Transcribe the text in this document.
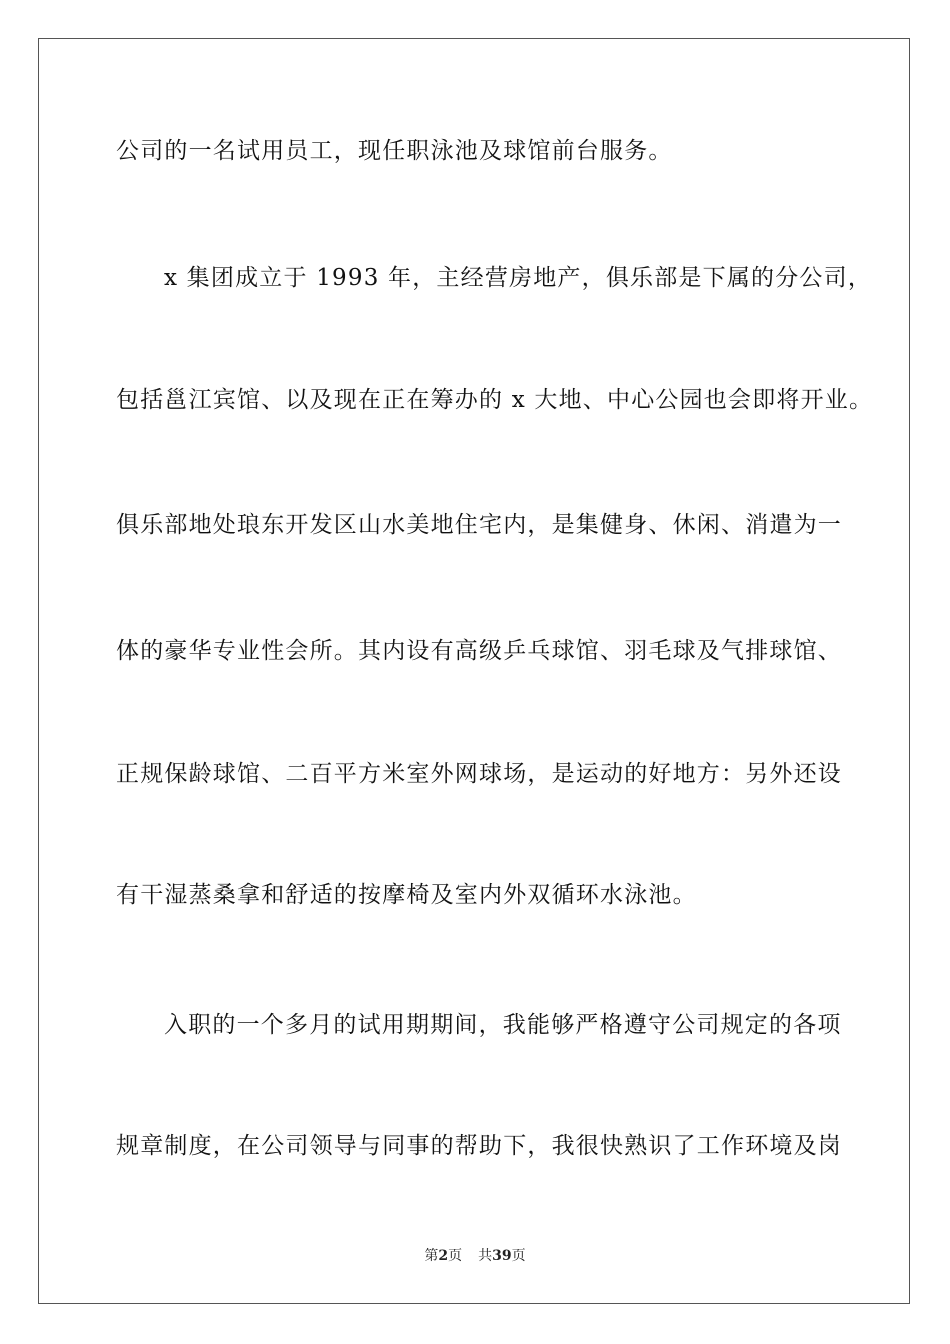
公司的一名试用员工，现任职泳池及球馆前台服务。
x 集团成立于 1993 年，主经营房地产，俱乐部是下属的分公司，
包括邕江宾馆、以及现在正在筹办的 x 大地、中心公园也会即将开业。
俱乐部地处琅东开发区山水美地住宅内，是集健身、休闲、消遣为一
体的豪华专业性会所。其内设有高级乒乓球馆、羽毛球及气排球馆、
正规保龄球馆、二百平方米室外网球场，是运动的好地方：另外还设
有干湿蒸桑拿和舒适的按摩椅及室内外双循环水泳池。
入职的一个多月的试用期期间，我能够严格遵守公司规定的各项
规章制度，在公司领导与同事的帮助下，我很快熟识了工作环境及岗
第2页 共39页
